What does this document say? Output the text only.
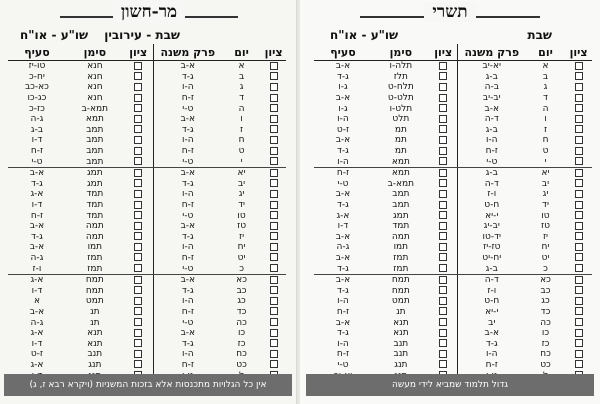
מר-חשון
שבת - עירובין
שו"ע - או"ח
ציון	יום	פרק משנה	ציון	סימן	סעיף
	א	א-ב		חנא	טו-יז
	ב	ג-ד		חנא	יח-כ
	ג	ה-ו		חנא	כא-כב
	ד	ז-ח		חנא	כג-כו
	ה	ט-י		תמא-ב	כז-כ
	ו	א-ב		תמא	ג-ה
	ז	ג-ד		תמב	ב-ג
	ח	ה-ו		תמב	ד-ו
	ט	ז-ח		תמב	ז-ח
	י	ט-י		תמב	ט-י
	יא	א-ב		תמג	א-ב
	יב	ג-ד		תמג	ג-ד
	יג	ה-ו		תמד	א-ג
	יד	ז-ח		תמד	ד-ו
	טו	ט-י		תמד	ז-ח
	טז	א-ב		תמה	א-ב
	יז	ג-ד		תמה	ג-ד
	יח	ה-ו		תמו	א-ב
	יט	ז-ח		תמז	ג-ה
	כ	ט-י		תמז	ו-ז
	כא	א-ב		תמח	א-ג
	כב	ג-ד		תמח	ד-ו
	כג	ה-ו		תמט	א
	כד	ז-ח		תנ	א-ב
	כה	ט-י		תנ	ג-ה
	כו	א-ב		תנא	א-ג
	כז	ג-ד		תנא	ד-ו
	כח	ה-ו		תנב	ז-ט
	כט	ז-ח		תנג	א-ג

אין כל הגלויות מתכנסות אלא בזכות המשניות (ויקרא רבא ז, ג)
תשרי
שבת
שו"ע - או"ח
ציון	יום	פרק משנה	ציון	סימן	סעיף
	א	יא-יב		תלה-ו	א-ב
	ב	ב-ג		תלז	ג-ד
	ג	ב-ה		תלח-ט	ג-ו
	ד	יב-יב		תלט-ט	א-ב
	ה	א-ב		תלט-ו	ג-ו
	ו	ד-ה		תלט	ה-ו
	ז	ב-ג		תמ	ז-ט
	ח	ה-ו		תמ	א-ב
	ט	ז-ח		תמ	ג-ד
	י	ט-י		תמא	ה-ו
	יא	ב-ג		תמא	ז-ח
	יב	ד-ה		תמא-ב	ט-י
	יג	ו-ז		תמב	א-ב
	יד	ח-ט		תמב	ג-ד
	טו	י-יא		תמג	א-ג
	טז	יב-יג		תמד	ד-ו
	יז	יד-טו		תמה	א-ב
	יח	טז-יז		תמו	ג-ה
	יט	יח-יט		תמז	א-ב
	כ	ב-ג		תמז	ג-ד
	כא	ד-ה		תמח	א-ב
	כב	ו-ז		תמח	ג-ד
	כג	ח-ט		תמט	ה-ו
	כד	י-יא		תנ	ז-ח
	כה	יב		תנא	א-ב
	כו	א-ב		תנא	ג-ד
	כז	ג-ד		תנב	ה-ו
	כח	ה-ו		תנב	ז-ח
	כט	ז-ח		תנג	ט-י

גדול תלמוד שמביא לידי מעשה
